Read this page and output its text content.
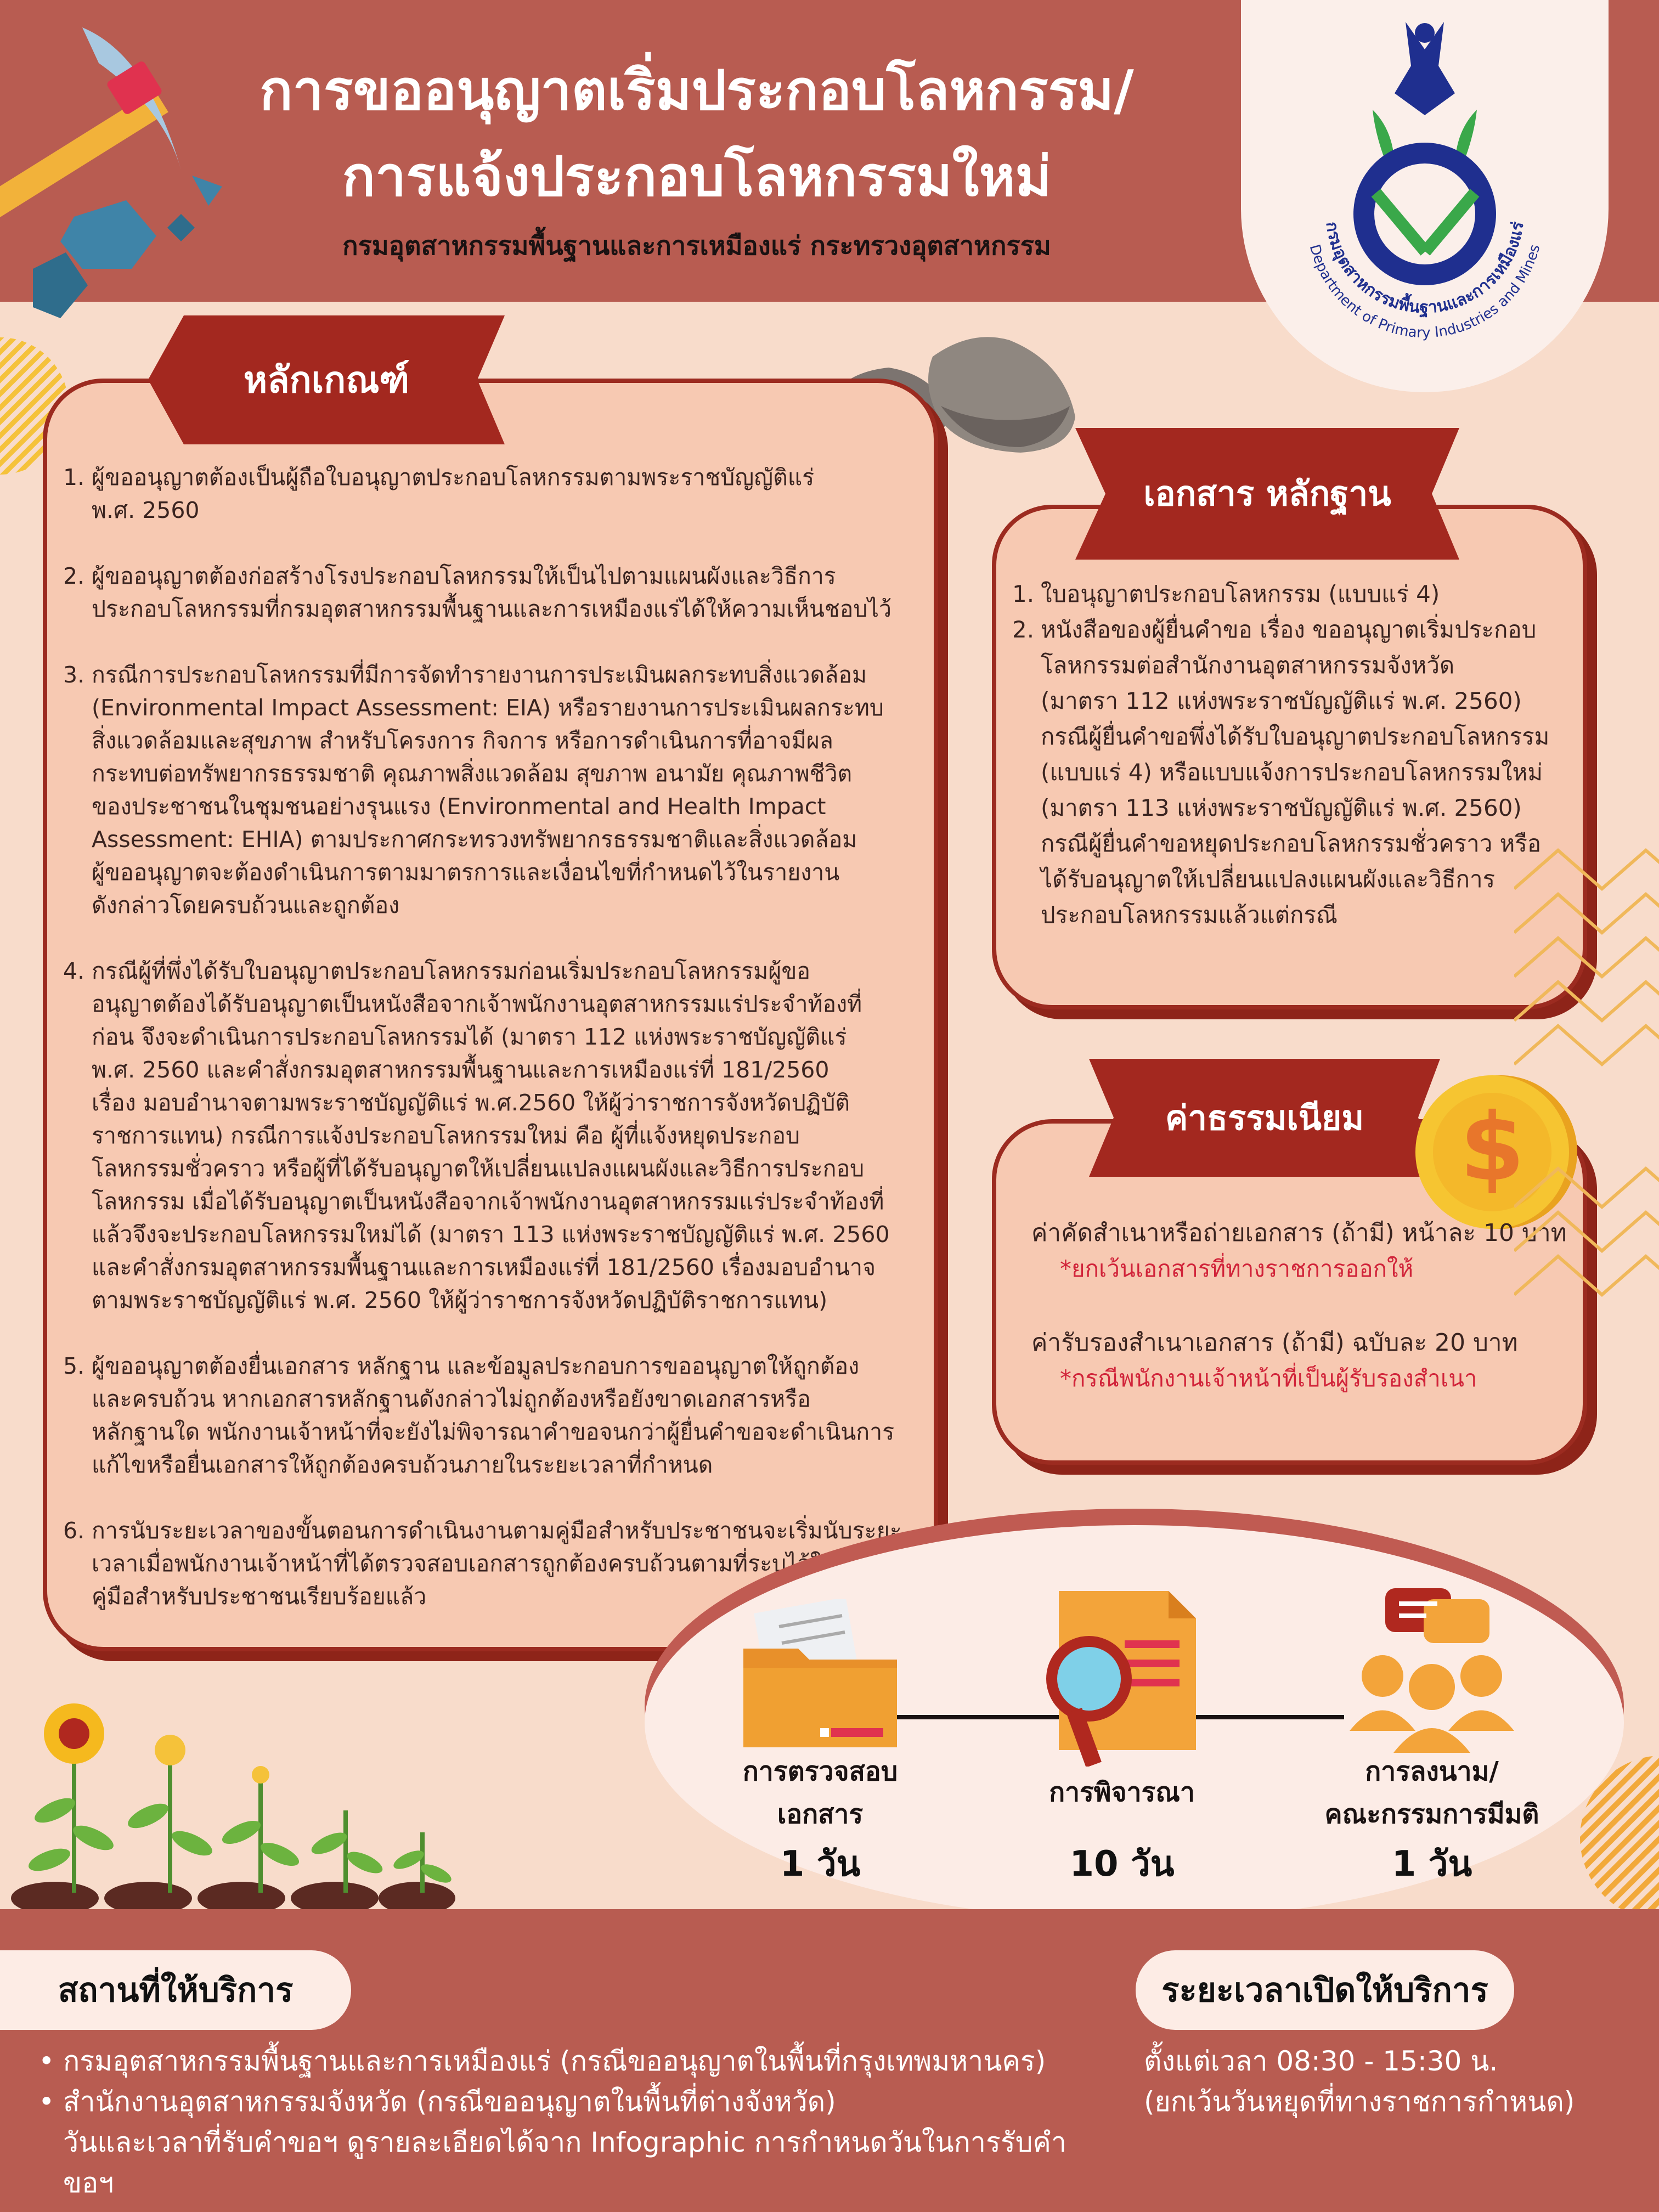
การขออนุญาตเริ่มประกอบโลหกรรม/
การแจ้งประกอบโลหกรรมใหม่
กรมอุตสาหกรรมพื้นฐานและการเหมืองแร่ กระทรวงอุตสาหกรรม
กรมอุตสาหกรรมพื้นฐานและการเหมืองแร่
Department of Primary Industries and Mines
หลักเกณฑ์
1. ผู้ขออนุญาตต้องเป็นผู้ถือใบอนุญาตประกอบโลหกรรมตามพระราชบัญญัติแร่
พ.ศ. 2560
2. ผู้ขออนุญาตต้องก่อสร้างโรงประกอบโลหกรรมให้เป็นไปตามแผนผังและวิธีการ
ประกอบโลหกรรมที่กรมอุตสาหกรรมพื้นฐานและการเหมืองแร่ได้ให้ความเห็นชอบไว้
3. กรณีการประกอบโลหกรรมที่มีการจัดทำรายงานการประเมินผลกระทบสิ่งแวดล้อม
(Environmental Impact Assessment: EIA) หรือรายงานการประเมินผลกระทบ
สิ่งแวดล้อมและสุขภาพ สำหรับโครงการ กิจการ หรือการดำเนินการที่อาจมีผล
กระทบต่อทรัพยากรธรรมชาติ คุณภาพสิ่งแวดล้อม สุขภาพ อนามัย คุณภาพชีวิต
ของประชาชนในชุมชนอย่างรุนแรง (Environmental and Health Impact
Assessment: EHIA) ตามประกาศกระทรวงทรัพยากรธรรมชาติและสิ่งแวดล้อม
ผู้ขออนุญาตจะต้องดำเนินการตามมาตรการและเงื่อนไขที่กำหนดไว้ในรายงาน
ดังกล่าวโดยครบถ้วนและถูกต้อง
4. กรณีผู้ที่พึ่งได้รับใบอนุญาตประกอบโลหกรรมก่อนเริ่มประกอบโลหกรรมผู้ขอ
อนุญาตต้องได้รับอนุญาตเป็นหนังสือจากเจ้าพนักงานอุตสาหกรรมแร่ประจำท้องที่
ก่อน จึงจะดำเนินการประกอบโลหกรรมได้ (มาตรา 112 แห่งพระราชบัญญัติแร่
พ.ศ. 2560 และคำสั่งกรมอุตสาหกรรมพื้นฐานและการเหมืองแร่ที่ 181/2560
เรื่อง มอบอำนาจตามพระราชบัญญัติแร่ พ.ศ.2560 ให้ผู้ว่าราชการจังหวัดปฏิบัติ
ราชการแทน) กรณีการแจ้งประกอบโลหกรรมใหม่ คือ ผู้ที่แจ้งหยุดประกอบ
โลหกรรมชั่วคราว หรือผู้ที่ได้รับอนุญาตให้เปลี่ยนแปลงแผนผังและวิธีการประกอบ
โลหกรรม เมื่อได้รับอนุญาตเป็นหนังสือจากเจ้าพนักงานอุตสาหกรรมแร่ประจำท้องที่
แล้วจึงจะประกอบโลหกรรมใหม่ได้ (มาตรา 113 แห่งพระราชบัญญัติแร่ พ.ศ. 2560
และคำสั่งกรมอุตสาหกรรมพื้นฐานและการเหมืองแร่ที่ 181/2560 เรื่องมอบอำนาจ
ตามพระราชบัญญัติแร่ พ.ศ. 2560 ให้ผู้ว่าราชการจังหวัดปฏิบัติราชการแทน)
5. ผู้ขออนุญาตต้องยื่นเอกสาร หลักฐาน และข้อมูลประกอบการขออนุญาตให้ถูกต้อง
และครบถ้วน หากเอกสารหลักฐานดังกล่าวไม่ถูกต้องหรือยังขาดเอกสารหรือ
หลักฐานใด พนักงานเจ้าหน้าที่จะยังไม่พิจารณาคำขอจนกว่าผู้ยื่นคำขอจะดำเนินการ
แก้ไขหรือยื่นเอกสารให้ถูกต้องครบถ้วนภายในระยะเวลาที่กำหนด
6. การนับระยะเวลาของขั้นตอนการดำเนินงานตามคู่มือสำหรับประชาชนจะเริ่มนับระยะ
เวลาเมื่อพนักงานเจ้าหน้าที่ได้ตรวจสอบเอกสารถูกต้องครบถ้วนตามที่ระบุไว้ใน
คู่มือสำหรับประชาชนเรียบร้อยแล้ว
เอกสาร หลักฐาน
1. ใบอนุญาตประกอบโลหกรรม (แบบแร่ 4)
2. หนังสือของผู้ยื่นคำขอ เรื่อง ขออนุญาตเริ่มประกอบ
โลหกรรมต่อสำนักงานอุตสาหกรรมจังหวัด
(มาตรา 112 แห่งพระราชบัญญัติแร่ พ.ศ. 2560)
กรณีผู้ยื่นคำขอพึ่งได้รับใบอนุญาตประกอบโลหกรรม
(แบบแร่ 4) หรือแบบแจ้งการประกอบโลหกรรมใหม่
(มาตรา 113 แห่งพระราชบัญญัติแร่ พ.ศ. 2560)
กรณีผู้ยื่นคำขอหยุดประกอบโลหกรรมชั่วคราว หรือ
ได้รับอนุญาตให้เปลี่ยนแปลงแผนผังและวิธีการ
ประกอบโลหกรรมแล้วแต่กรณี
ค่าธรรมเนียม	$
ค่าคัดสำเนาหรือถ่ายเอกสาร (ถ้ามี) หน้าละ 10 บาท
*ยกเว้นเอกสารที่ทางราชการออกให้
ค่ารับรองสำเนาเอกสาร (ถ้ามี) ฉบับละ 20 บาท
*กรณีพนักงานเจ้าหน้าที่เป็นผู้รับรองสำเนา
การตรวจสอบ
เอกสาร
1 วัน
การพิจารณา
10 วัน
การลงนาม/
คณะกรรมการมีมติ
1 วัน
สถานที่ให้บริการ	ระยะเวลาเปิดให้บริการ
• กรมอุตสาหกรรมพื้นฐานและการเหมืองแร่ (กรณีขออนุญาตในพื้นที่กรุงเทพมหานคร)
• สำนักงานอุตสาหกรรมจังหวัด (กรณีขออนุญาตในพื้นที่ต่างจังหวัด)
วันและเวลาที่รับคำขอฯ ดูรายละเอียดได้จาก Infographic การกำหนดวันในการรับคำขอฯ
ตั้งแต่เวลา 08:30 - 15:30 น.
(ยกเว้นวันหยุดที่ทางราชการกำหนด)
